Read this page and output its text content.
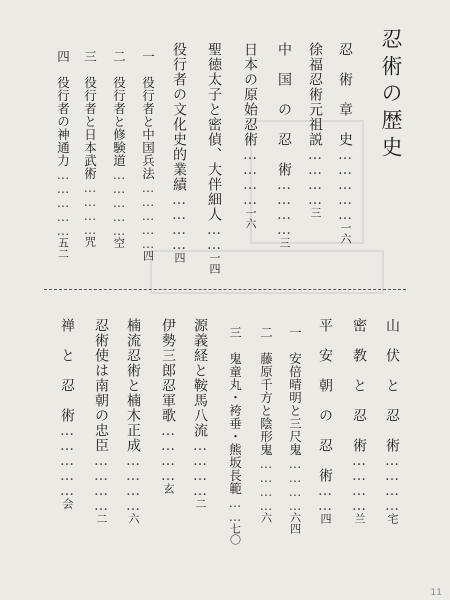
忍術の歴史
忍　術　章　史……………一六
徐福忍術元祖説…………三
中　国　の　忍　術…………三
日本の原始忍術…………一六
聖徳太子と密偵、大伴細人……一四
役行者の文化史的業績…………四
一　役行者と中国兵法……………四
二　役行者と修験道……………空
三　役行者と日本武術…………咒
四　役行者の神通力……………五二
山　伏　と　忍　術…………宅
密　教　と　忍　術…………兰
平　安　朝　の　忍　術……四
一　安倍晴明と三尺鬼…………六四
二　藤原千方と陰形鬼…………六
三　鬼童丸・袴垂・熊坂長範……七〇
源義経と鞍馬八流…………二
伊勢三郎忍軍歌…………玄
楠流忍術と楠木正成…………六
忍術使は南朝の忠臣…………二
禅　と　忍　術……………会
11
